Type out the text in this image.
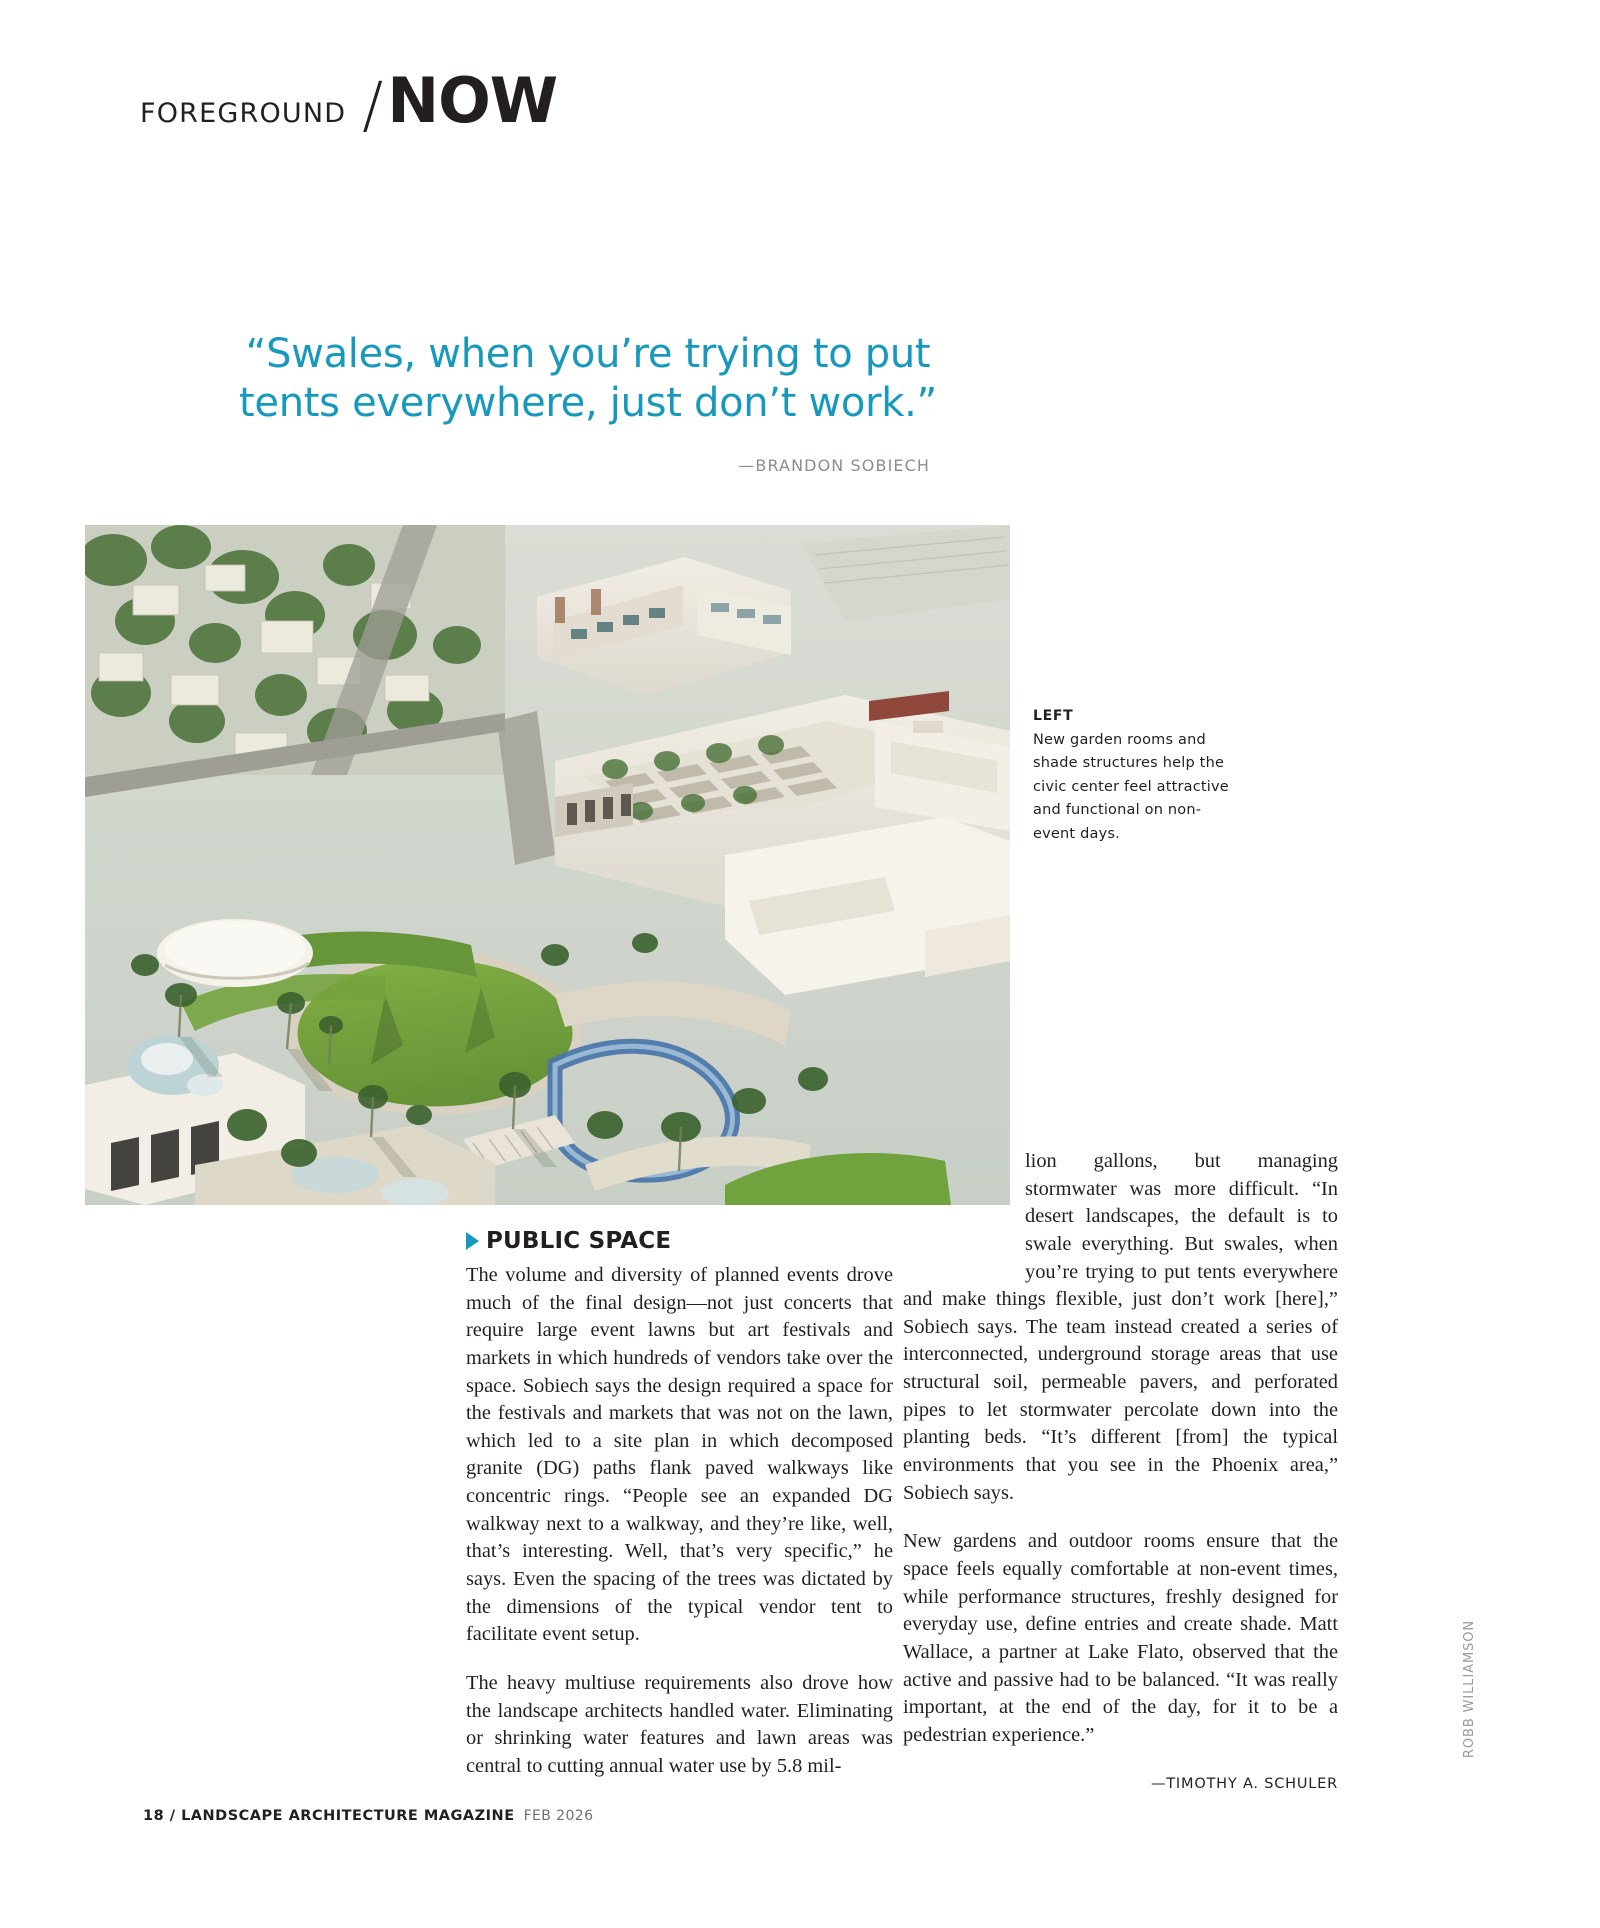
FOREGROUND / NOW
“Swales, when you’re trying to put tents everywhere, just don’t work.”
—BRANDON SOBIECH
LEFT
New garden rooms and shade structures help the civic center feel attractive and functional on non-event days.
PUBLIC SPACE

The volume and diversity of planned events drove much of the final design—not just concerts that require large event lawns but art festivals and markets in which hundreds of vendors take over the space. Sobiech says the design required a space for the festivals and markets that was not on the lawn, which led to a site plan in which decomposed granite (DG) paths flank paved walkways like concentric rings. “People see an expanded DG walkway next to a walkway, and they’re like, well, that’s interesting. Well, that’s very specific,” he says. Even the spacing of the trees was dictated by the dimensions of the typical vendor tent to facilitate event setup.

The heavy multiuse requirements also drove how the landscape architects handled water. Eliminating or shrinking water features and lawn areas was central to cutting annual water use by 5.8 mil-

lion gallons, but managing stormwater was more difficult. “In desert landscapes, the default is to swale everything. But swales, when you’re trying to put tents everywhere and make things flexible, just don’t work [here],” Sobiech says. The team instead created a series of interconnected, underground storage areas that use structural soil, permeable pavers, and perforated pipes to let stormwater percolate down into the planting beds. “It’s different [from] the typical environments that you see in the Phoenix area,” Sobiech says.

New gardens and outdoor rooms ensure that the space feels equally comfortable at non-event times, while performance structures, freshly designed for everyday use, define entries and create shade. Matt Wallace, a partner at Lake Flato, observed that the active and passive had to be balanced. “It was really important, at the end of the day, for it to be a pedestrian experience.”

—TIMOTHY A. SCHULER
ROBB WILLIAMSON
18 / LANDSCAPE ARCHITECTURE MAGAZINE FEB 2026
